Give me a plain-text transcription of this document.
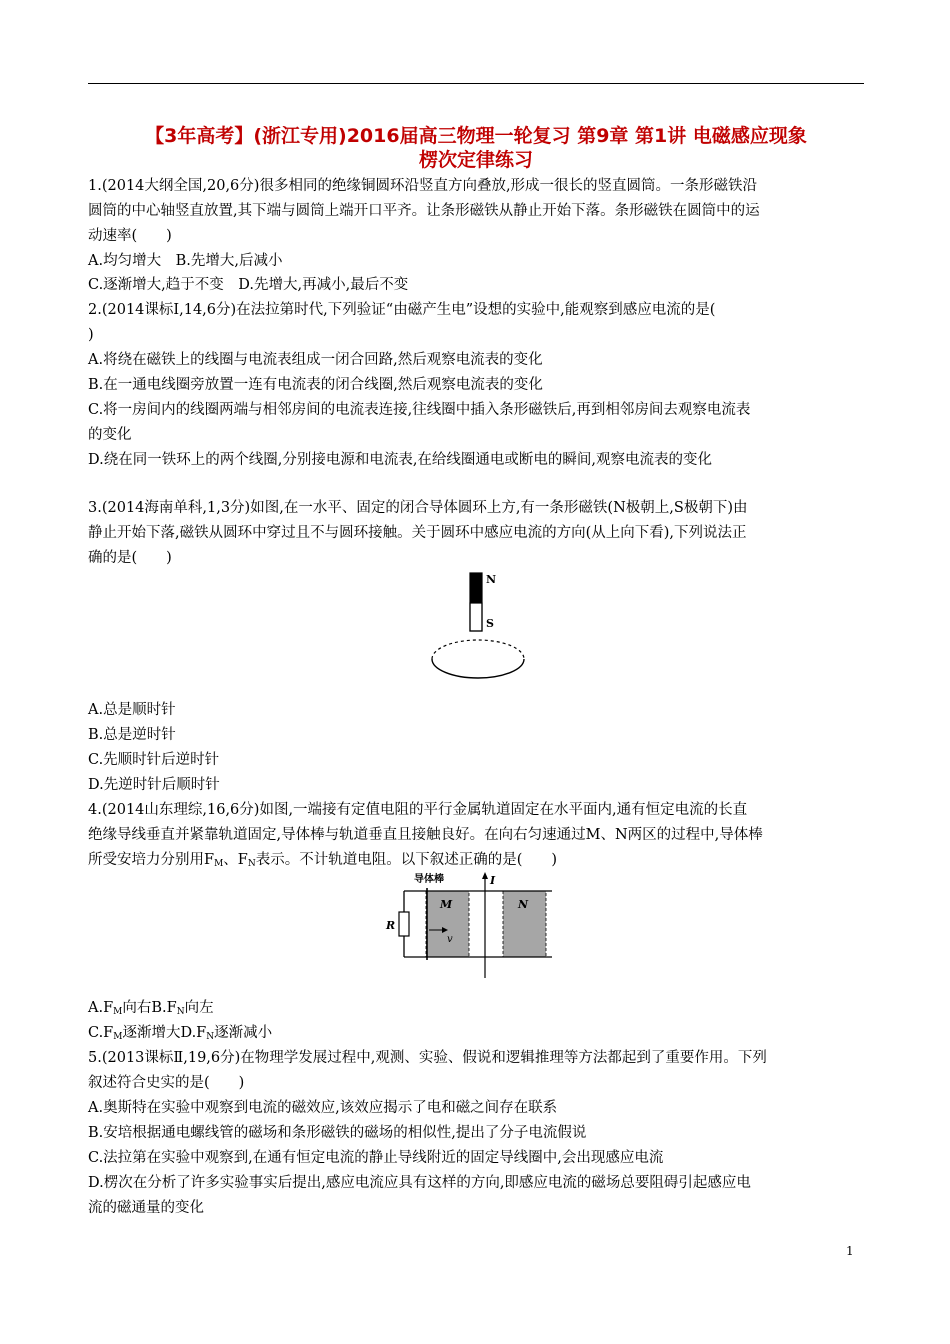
【3年高考】(浙江专用)2016届高三物理一轮复习 第9章 第1讲 电磁感应现象
楞次定律练习
1.(2014大纲全国,20,6分)很多相同的绝缘铜圆环沿竖直方向叠放,形成一很长的竖直圆筒。一条形磁铁沿
圆筒的中心轴竖直放置,其下端与圆筒上端开口平齐。让条形磁铁从静止开始下落。条形磁铁在圆筒中的运
动速率(　　)
A.均匀增大　B.先增大,后减小
C.逐渐增大,趋于不变　D.先增大,再减小,最后不变
2.(2014课标Ⅰ,14,6分)在法拉第时代,下列验证“由磁产生电”设想的实验中,能观察到感应电流的是(
)
A.将绕在磁铁上的线圈与电流表组成一闭合回路,然后观察电流表的变化
B.在一通电线圈旁放置一连有电流表的闭合线圈,然后观察电流表的变化
C.将一房间内的线圈两端与相邻房间的电流表连接,往线圈中插入条形磁铁后,再到相邻房间去观察电流表
的变化
D.绕在同一铁环上的两个线圈,分别接电源和电流表,在给线圈通电或断电的瞬间,观察电流表的变化
3.(2014海南单科,1,3分)如图,在一水平、固定的闭合导体圆环上方,有一条形磁铁(N极朝上,S极朝下)由
静止开始下落,磁铁从圆环中穿过且不与圆环接触。关于圆环中感应电流的方向(从上向下看),下列说法正
确的是(　　)
N
S
A.总是顺时针
B.总是逆时针
C.先顺时针后逆时针
D.先逆时针后顺时针
4.(2014山东理综,16,6分)如图,一端接有定值电阻的平行金属轨道固定在水平面内,通有恒定电流的长直
绝缘导线垂直并紧靠轨道固定,导体棒与轨道垂直且接触良好。在向右匀速通过M、N两区的过程中,导体棒
所受安培力分别用$F_M$、$F_N$表示。不计轨道电阻。以下叙述正确的是(　　)
导体棒
R
v
M	N
I
$A.F_M$向右$B.F_N$向左
$C.F_M$逐渐增大$D.F_N$逐渐减小
5.(2013课标Ⅱ,19,6分)在物理学发展过程中,观测、实验、假说和逻辑推理等方法都起到了重要作用。下列
叙述符合史实的是(　　)
A.奥斯特在实验中观察到电流的磁效应,该效应揭示了电和磁之间存在联系
B.安培根据通电螺线管的磁场和条形磁铁的磁场的相似性,提出了分子电流假说
C.法拉第在实验中观察到,在通有恒定电流的静止导线附近的固定导线圈中,会出现感应电流
D.楞次在分析了许多实验事实后提出,感应电流应具有这样的方向,即感应电流的磁场总要阻碍引起感应电
流的磁通量的变化
1
